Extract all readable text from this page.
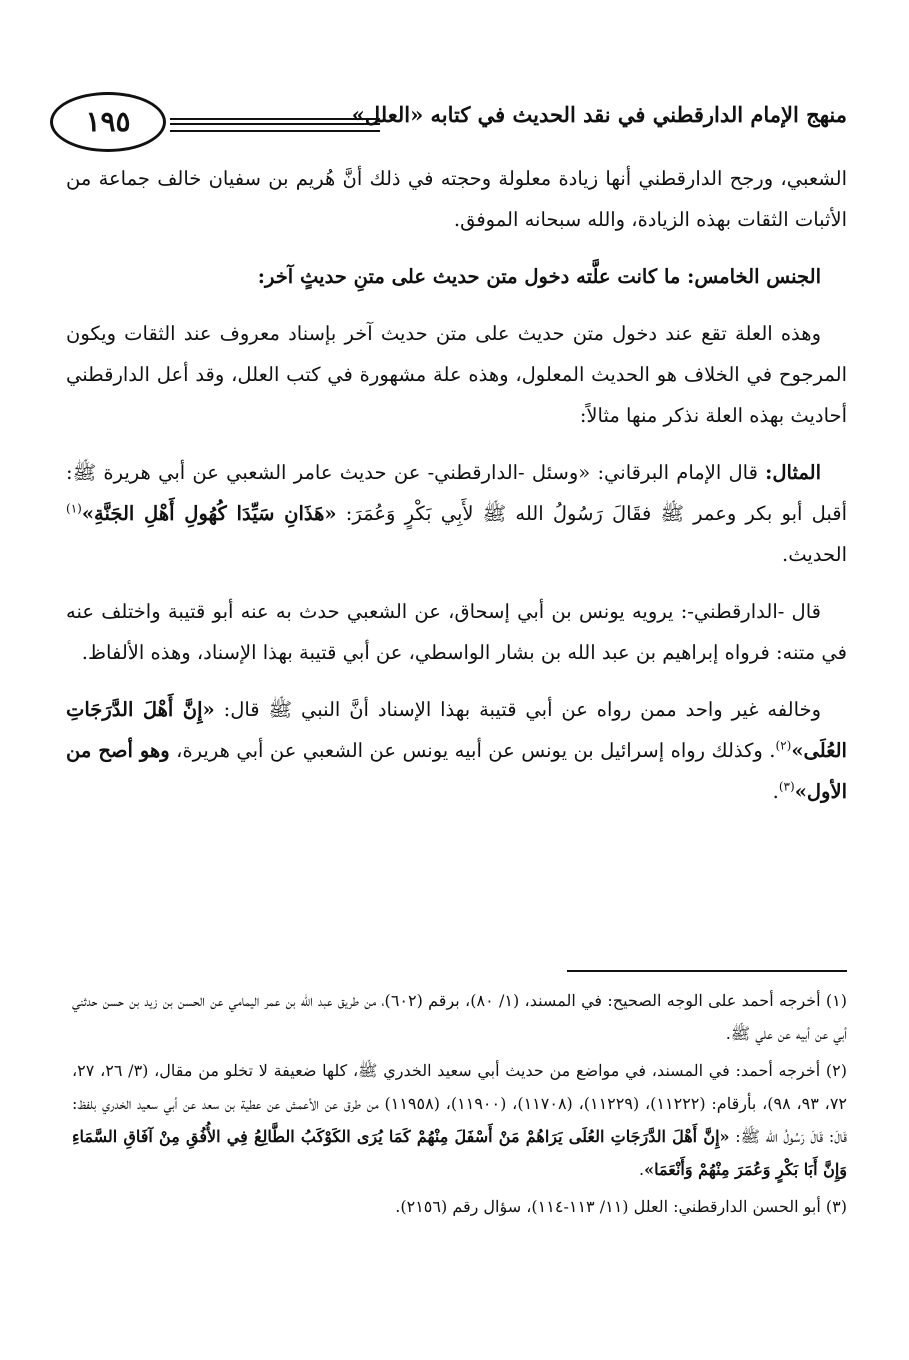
منهج الإمام الدارقطني في نقد الحديث في كتابه «العلل»
١٩٥

الشعبي، ورجح الدارقطني أنها زيادة معلولة وحجته في ذلك أنَّ هُريم بن سفيان خالف جماعة من الأثبات الثقات بهذه الزيادة، والله سبحانه الموفق.

الجنس الخامس: ما كانت علَّته دخول متن حديث على متنِ حديثٍ آخر:

وهذه العلة تقع عند دخول متن حديث على متن حديث آخر بإسناد معروف عند الثقات ويكون المرجوح في الخلاف هو الحديث المعلول، وهذه علة مشهورة في كتب العلل، وقد أعل الدارقطني أحاديث بهذه العلة نذكر منها مثالاً:

المثال: قال الإمام البرقاني: «وسئل -الدارقطني- عن حديث عامر الشعبي عن أبي هريرة ﷺ: أقبل أبو بكر وعمر ﷺ فقَالَ رَسُولُ الله ﷺ لأَبِي بَكْرٍ وَعُمَرَ: «هَذَانِ سَيِّدَا كُهُولِ أَهْلِ الجَنَّةِ»$^{(١)}$ الحديث.

قال -الدارقطني-: يرويه يونس بن أبي إسحاق، عن الشعبي حدث به عنه أبو قتيبة واختلف عنه في متنه: فرواه إبراهيم بن عبد الله بن بشار الواسطي، عن أبي قتيبة بهذا الإسناد، وهذه الألفاظ.

وخالفه غير واحد ممن رواه عن أبي قتيبة بهذا الإسناد أنَّ النبي ﷺ قال: «إِنَّ أَهْلَ الدَّرَجَاتِ العُلَى»$^{(٢)}$. وكذلك رواه إسرائيل بن يونس عن أبيه يونس عن الشعبي عن أبي هريرة، وهو أصح من الأول»$^{(٣)}$.

(١) أخرجه أحمد على الوجه الصحيح: في المسند، (١/ ٨٠)، برقم (٦٠٢)، من طريق عبد الله بن عمر اليمامي عن الحسن بن زيد بن حسن حدثني أبي عن أبيه عن علي ﷺ.

(٢) أخرجه أحمد: في المسند، في مواضع من حديث أبي سعيد الخدري ﷺ، كلها ضعيفة لا تخلو من مقال، (٣/ ٢٦، ٢٧، ٧٢، ٩٣، ٩٨)، بأرقام: (١١٢٢٢)، (١١٢٢٩)، (١١٧٠٨)، (١١٩٠٠)، (١١٩٥٨) من طرق عن الأعمش عن عطية بن سعد عن أبي سعيد الخدري بلفظ: قَالَ: قَالَ رَسُولُ الله ﷺ: «إِنَّ أَهْلَ الدَّرَجَاتِ العُلَى يَرَاهُمْ مَنْ أَسْفَلَ مِنْهُمْ كَمَا يُرَى الكَوْكَبُ الطَّالِعُ فِي الأُفُقِ مِنْ آفَاقِ السَّمَاءِ وَإِنَّ أَبَا بَكْرٍ وَعُمَرَ مِنْهُمْ وَأَنْعَمَا».

(٣) أبو الحسن الدارقطني: العلل (١١/ ١١٣-١١٤)، سؤال رقم (٢١٥٦).
